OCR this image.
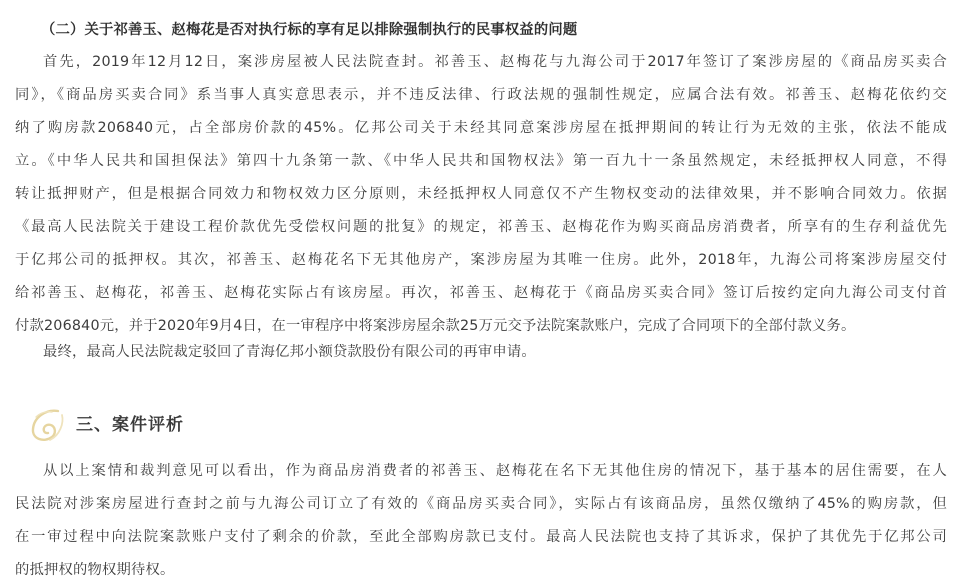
（二）关于祁善玉、赵梅花是否对执行标的享有足以排除强制执行的民事权益的问题
首先，2019年12月12日，案涉房屋被人民法院查封。祁善玉、赵梅花与九海公司于2017年签订了案涉房屋的《商品房买卖合
同》，《商品房买卖合同》系当事人真实意思表示，并不违反法律、行政法规的强制性规定，应属合法有效。祁善玉、赵梅花依约交
纳了购房款206840元，占全部房价款的45%。亿邦公司关于未经其同意案涉房屋在抵押期间的转让行为无效的主张，依法不能成
立。《中华人民共和国担保法》第四十九条第一款、《中华人民共和国物权法》第一百九十一条虽然规定，未经抵押权人同意，不得
转让抵押财产，但是根据合同效力和物权效力区分原则，未经抵押权人同意仅不产生物权变动的法律效果，并不影响合同效力。依据
《最高人民法院关于建设工程价款优先受偿权问题的批复》的规定，祁善玉、赵梅花作为购买商品房消费者，所享有的生存利益优先
于亿邦公司的抵押权。其次，祁善玉、赵梅花名下无其他房产，案涉房屋为其唯一住房。此外，2018年，九海公司将案涉房屋交付
给祁善玉、赵梅花，祁善玉、赵梅花实际占有该房屋。再次，祁善玉、赵梅花于《商品房买卖合同》签订后按约定向九海公司支付首
付款206840元，并于2020年9月4日，在一审程序中将案涉房屋余款25万元交予法院案款账户，完成了合同项下的全部付款义务。
最终，最高人民法院裁定驳回了青海亿邦小额贷款股份有限公司的再审申请。
三、案件评析
从以上案情和裁判意见可以看出，作为商品房消费者的祁善玉、赵梅花在名下无其他住房的情况下，基于基本的居住需要，在人
民法院对涉案房屋进行查封之前与九海公司订立了有效的《商品房买卖合同》，实际占有该商品房，虽然仅缴纳了45%的购房款，但
在一审过程中向法院案款账户支付了剩余的价款，至此全部购房款已支付。最高人民法院也支持了其诉求，保护了其优先于亿邦公司
的抵押权的物权期待权。
